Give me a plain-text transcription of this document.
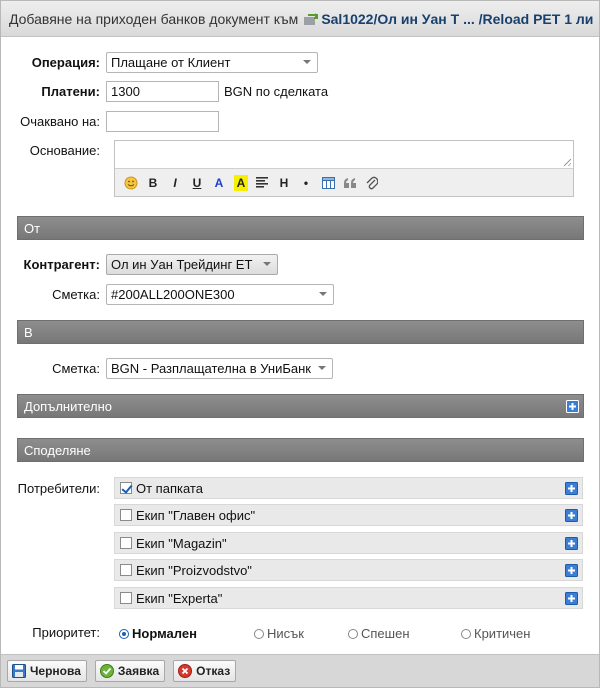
Добавяне на приходен банков документ към Sal1022/Ол ин Уан Т ... /Reload PET 1 ли
Операция: Плащане от Клиент
Платени: 1300	BGN по сделката
Очаквано на:
Основание:
B	I	U	A	A	H	•
От
Контрагент: Ол ин Уан Трейдинг ЕТ
Сметка: #200ALL200ONE300
В
Сметка: BGN - Разплащателна в УниБанк
Допълнително
Споделяне
Потребители:	От папката
Екип "Главен офис"
Екип "Magazin"
Екип "Proizvodstvo"
Екип "Experta"
Приоритет:	Нормален	Нисък	Спешен	Критичен
Чернова	Заявка	Отказ
